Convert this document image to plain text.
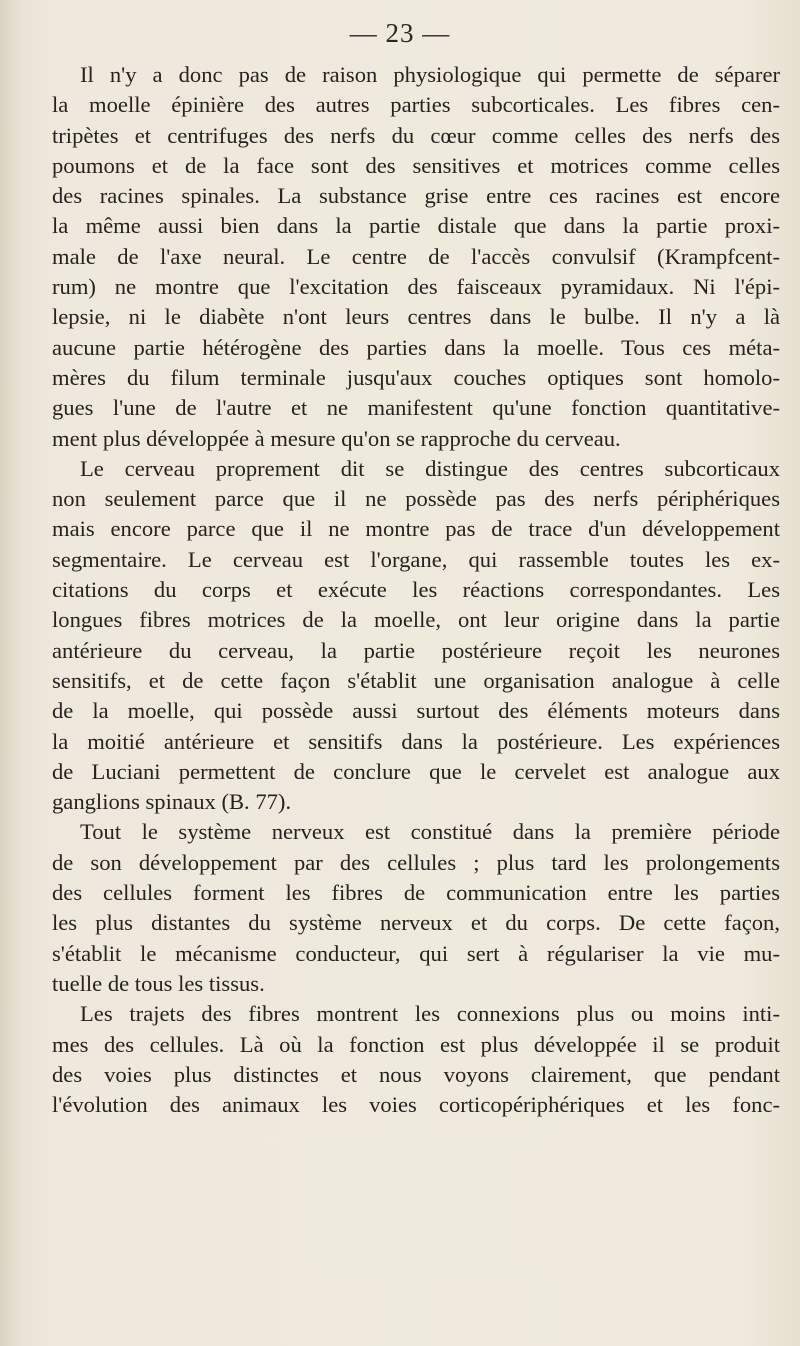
— 23 —
Il n'y a donc pas de raison physiologique qui permette de séparer
la moelle épinière des autres parties subcorticales. Les fibres cen-
tripètes et centrifuges des nerfs du cœur comme celles des nerfs des
poumons et de la face sont des sensitives et motrices comme celles
des racines spinales. La substance grise entre ces racines est encore
la même aussi bien dans la partie distale que dans la partie proxi-
male de l'axe neural. Le centre de l'accès convulsif (Krampfcent-
rum) ne montre que l'excitation des faisceaux pyramidaux. Ni l'épi-
lepsie, ni le diabète n'ont leurs centres dans le bulbe. Il n'y a là
aucune partie hétérogène des parties dans la moelle. Tous ces méta-
mères du filum terminale jusqu'aux couches optiques sont homolo-
gues l'une de l'autre et ne manifestent qu'une fonction quantitative-
ment plus développée à mesure qu'on se rapproche du cerveau.
Le cerveau proprement dit se distingue des centres subcorticaux
non seulement parce que il ne possède pas des nerfs périphériques
mais encore parce que il ne montre pas de trace d'un développement
segmentaire. Le cerveau est l'organe, qui rassemble toutes les ex-
citations du corps et exécute les réactions correspondantes. Les
longues fibres motrices de la moelle, ont leur origine dans la partie
antérieure du cerveau, la partie postérieure reçoit les neurones
sensitifs, et de cette façon s'établit une organisation analogue à celle
de la moelle, qui possède aussi surtout des éléments moteurs dans
la moitié antérieure et sensitifs dans la postérieure. Les expériences
de Luciani permettent de conclure que le cervelet est analogue aux
ganglions spinaux (B. 77).
Tout le système nerveux est constitué dans la première période
de son développement par des cellules ; plus tard les prolongements
des cellules forment les fibres de communication entre les parties
les plus distantes du système nerveux et du corps. De cette façon,
s'établit le mécanisme conducteur, qui sert à régulariser la vie mu-
tuelle de tous les tissus.
Les trajets des fibres montrent les connexions plus ou moins inti-
mes des cellules. Là où la fonction est plus développée il se produit
des voies plus distinctes et nous voyons clairement, que pendant
l'évolution des animaux les voies corticopériphériques et les fonc-
